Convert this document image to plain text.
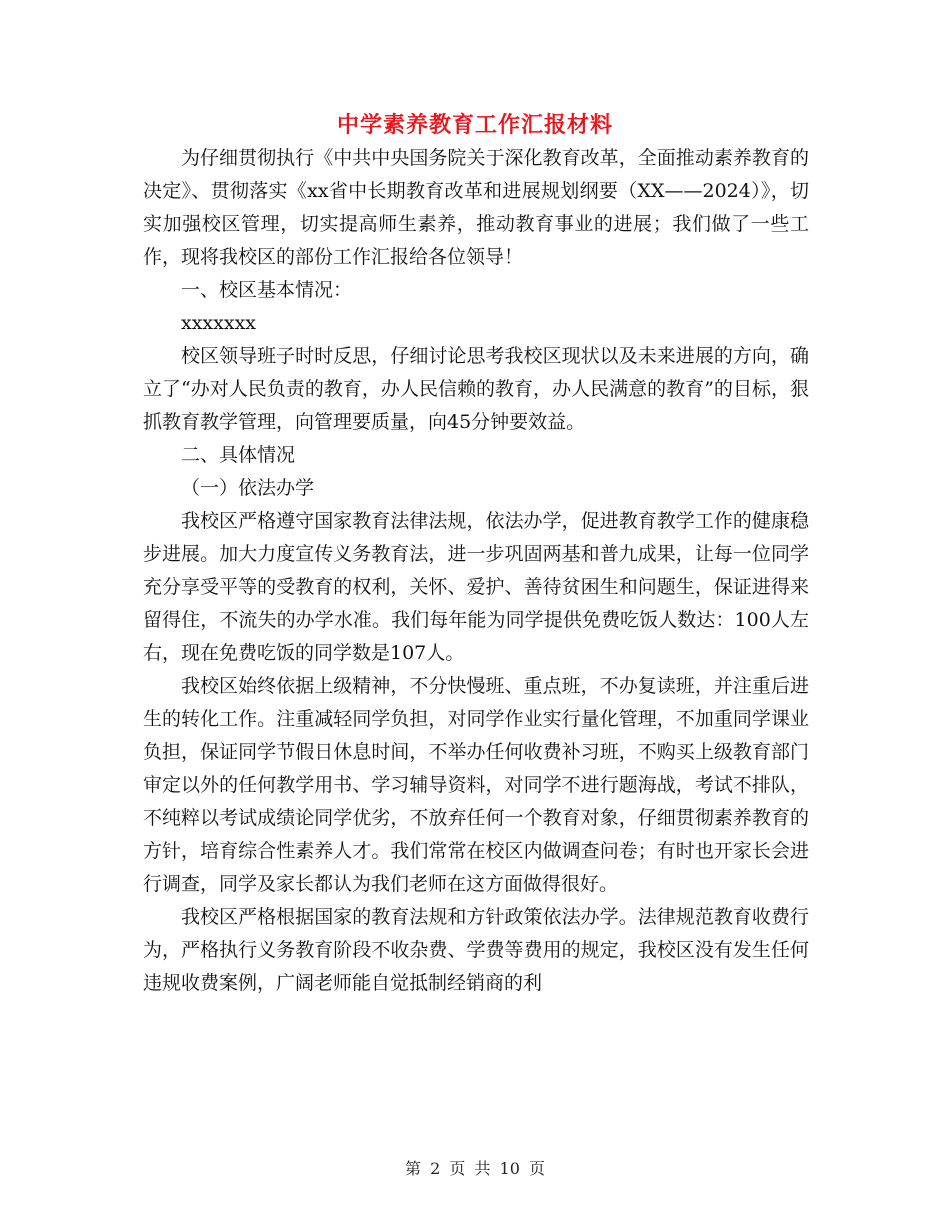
中学素养教育工作汇报材料

为仔细贯彻执行《中共中央国务院关于深化教育改革，全面推动素养教育的决定》、贯彻落实《xx省中长期教育改革和进展规划纲要（XX——2024）》，切实加强校区管理，切实提高师生素养，推动教育事业的进展；我们做了一些工作，现将我校区的部份工作汇报给各位领导！

一、校区基本情况：

xxxxxxx

校区领导班子时时反思，仔细讨论思考我校区现状以及未来进展的方向，确立了“办对人民负责的教育，办人民信赖的教育，办人民满意的教育”的目标，狠抓教育教学管理，向管理要质量，向45分钟要效益。

二、具体情况

（一）依法办学

我校区严格遵守国家教育法律法规，依法办学，促进教育教学工作的健康稳步进展。加大力度宣传义务教育法，进一步巩固两基和普九成果，让每一位同学充分享受平等的受教育的权利，关怀、爱护、善待贫困生和问题生，保证进得来留得住，不流失的办学水准。我们每年能为同学提供免费吃饭人数达：100人左右，现在免费吃饭的同学数是107人。

我校区始终依据上级精神，不分快慢班、重点班，不办复读班，并注重后进生的转化工作。注重减轻同学负担，对同学作业实行量化管理，不加重同学课业负担，保证同学节假日休息时间，不举办任何收费补习班，不购买上级教育部门审定以外的任何教学用书、学习辅导资料，对同学不进行题海战，考试不排队，不纯粹以考试成绩论同学优劣，不放弃任何一个教育对象，仔细贯彻素养教育的方针，培育综合性素养人才。我们常常在校区内做调查问卷；有时也开家长会进行调查，同学及家长都认为我们老师在这方面做得很好。

我校区严格根据国家的教育法规和方针政策依法办学。法律规范教育收费行为，严格执行义务教育阶段不收杂费、学费等费用的规定，我校区没有发生任何违规收费案例，广阔老师能自觉抵制经销商的利

第 2 页 共 10 页
